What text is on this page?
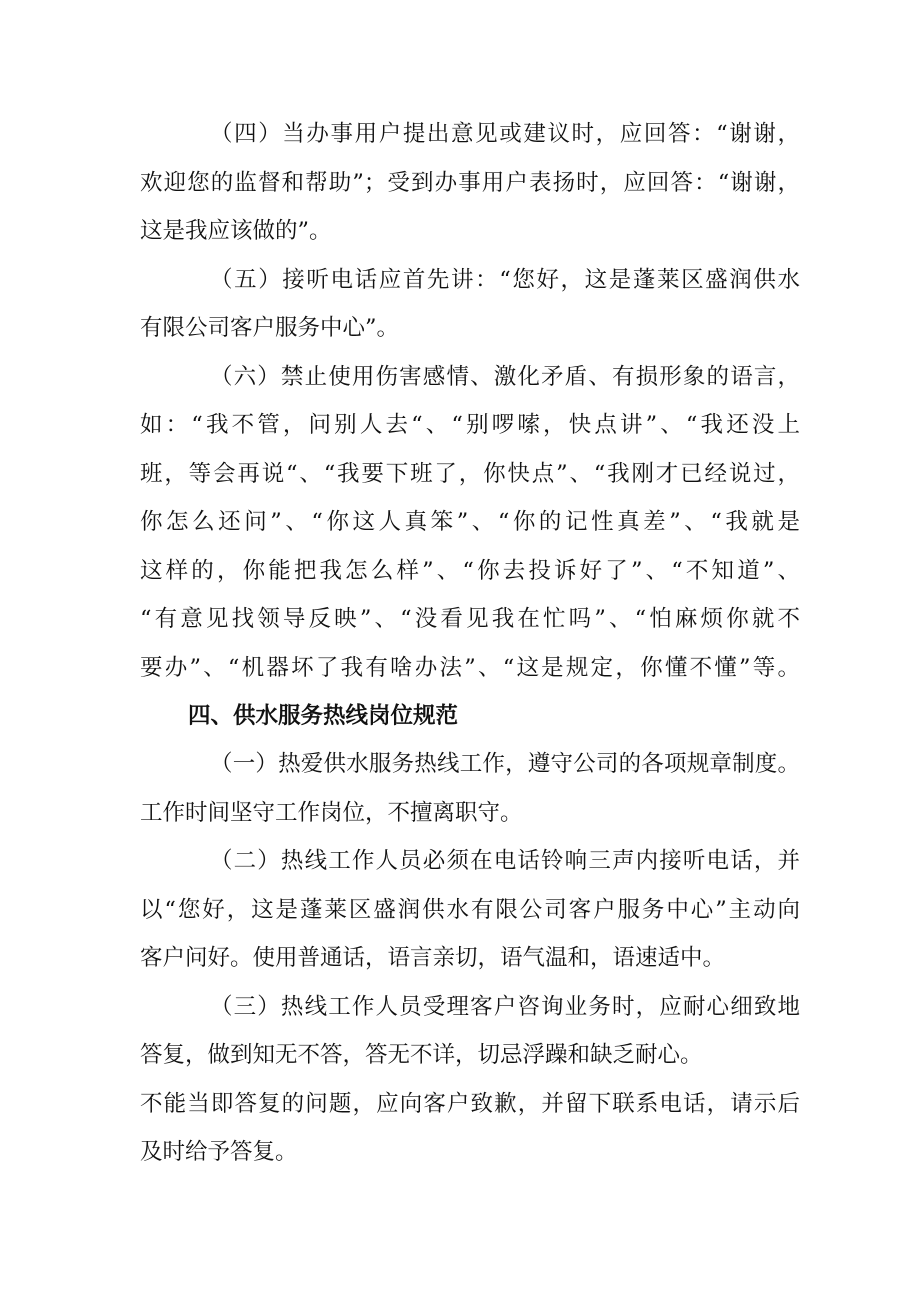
（四）当办事用户提出意见或建议时，应回答：“谢谢，
欢迎您的监督和帮助”；受到办事用户表扬时，应回答：“谢谢，
这是我应该做的”。
（五）接听电话应首先讲：“您好，这是蓬莱区盛润供水
有限公司客户服务中心”。
（六）禁止使用伤害感情、激化矛盾、有损形象的语言，
如：“我不管，问别人去“、“别啰嗦，快点讲”、“我还没上
班，等会再说“、“我要下班了，你快点”、“我刚才已经说过，
你怎么还问”、“你这人真笨”、“你的记性真差”、“我就是
这样的，你能把我怎么样”、“你去投诉好了”、“不知道”、
“有意见找领导反映”、“没看见我在忙吗”、“怕麻烦你就不
要办”、“机器坏了我有啥办法”、“这是规定，你懂不懂”等。
四、供水服务热线岗位规范
（一）热爱供水服务热线工作，遵守公司的各项规章制度。
工作时间坚守工作岗位，不擅离职守。
（二）热线工作人员必须在电话铃响三声内接听电话，并
以“您好，这是蓬莱区盛润供水有限公司客户服务中心”主动向
客户问好。使用普通话，语言亲切，语气温和，语速适中。
（三）热线工作人员受理客户咨询业务时，应耐心细致地
答复，做到知无不答，答无不详，切忌浮躁和缺乏耐心。
不能当即答复的问题，应向客户致歉，并留下联系电话，请示后
及时给予答复。
